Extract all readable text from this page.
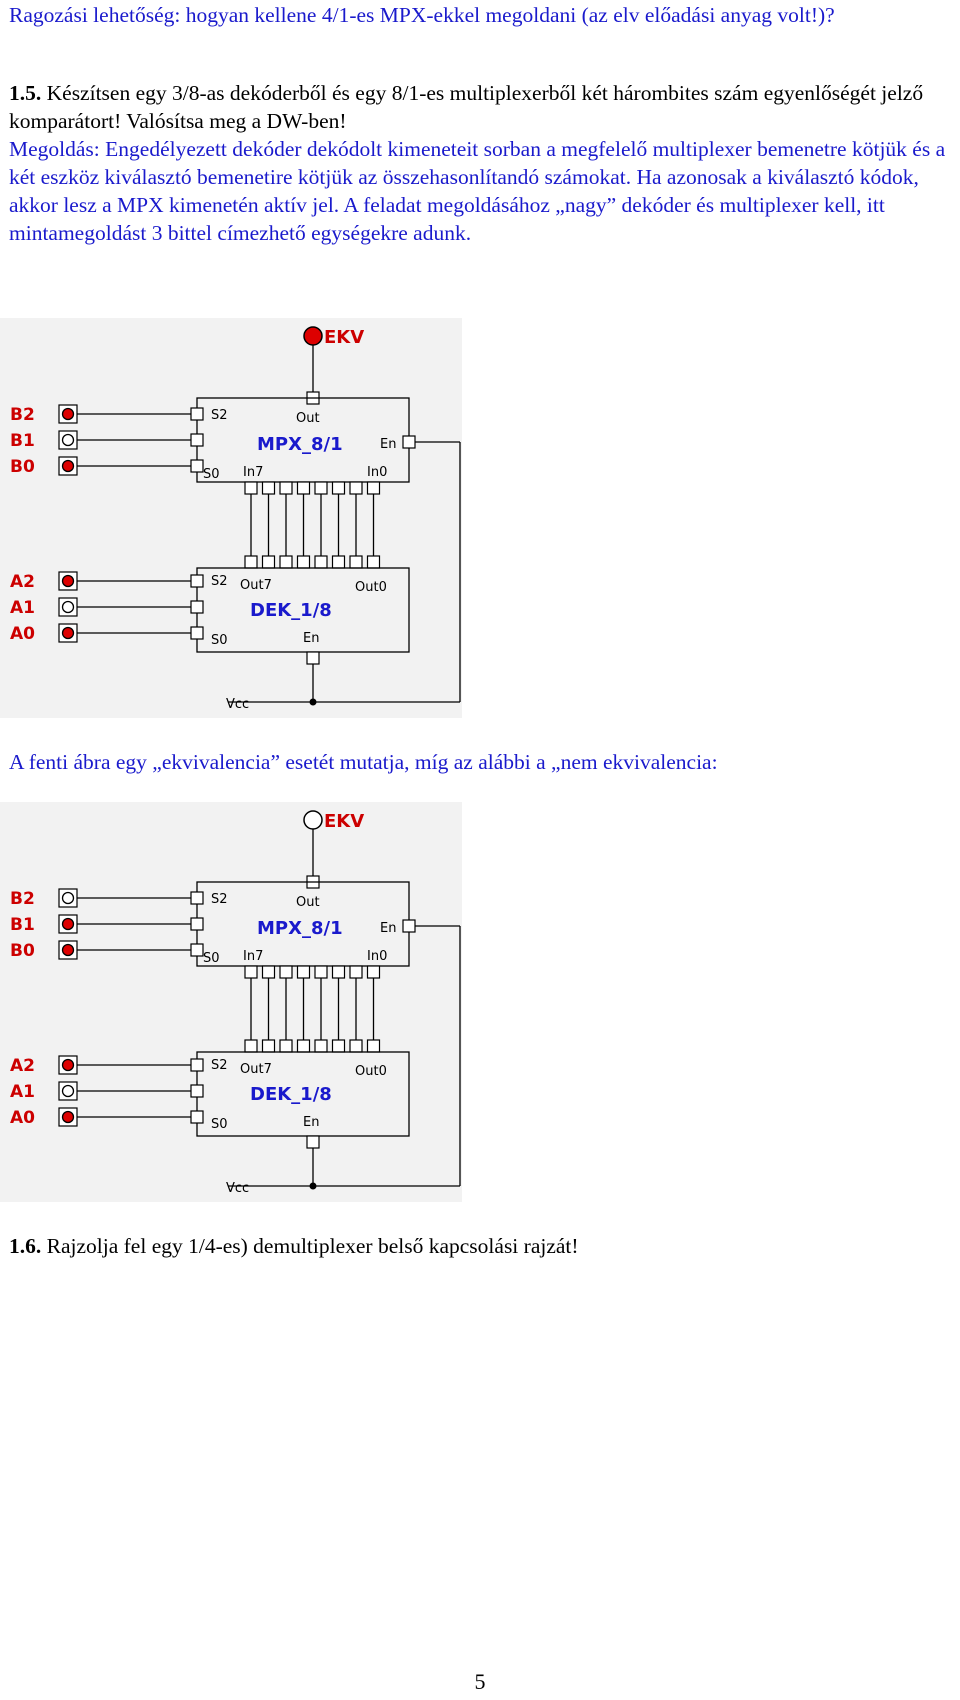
Ragozási lehetőség: hogyan kellene 4/1-es MPX-ekkel megoldani (az elv előadási anyag volt!)?

1.5. Készítsen egy 3/8-as dekóderből és egy 8/1-es multiplexerből két hárombites szám egyenlőségét jelző komparátort! Valósítsa meg a DW-ben!

Megoldás: Engedélyezett dekóder dekódolt kimeneteit sorban a megfelelő multiplexer bemenetre kötjük és a két eszköz kiválasztó bemenetire kötjük az összehasonlítandó számokat. Ha azonosak a kiválasztó kódok, akkor lesz a MPX kimenetén aktív jel. A feladat megoldásához „nagy” dekóder és multiplexer kell, itt mintamegoldást 3 bittel címezhető egységekre adunk.

EKV
Out
MPX_8/1
S2
S0
En
In7	In0
B2
B1
B0
Vcc
S2 Out7	Out0
DEK_1/8
S0	En
A2
A1
A0

A fenti ábra egy „ekvivalencia” esetét mutatja, míg az alábbi a „nem ekvivalencia:

EKV
Out
MPX_8/1
S2
S0
En
In7	In0
B2
B1
B0
Vcc
S2 Out7	Out0
DEK_1/8
S0	En
A2
A1
A0

1.6. Rajzolja fel egy 1/4-es) demultiplexer belső kapcsolási rajzát!

5
